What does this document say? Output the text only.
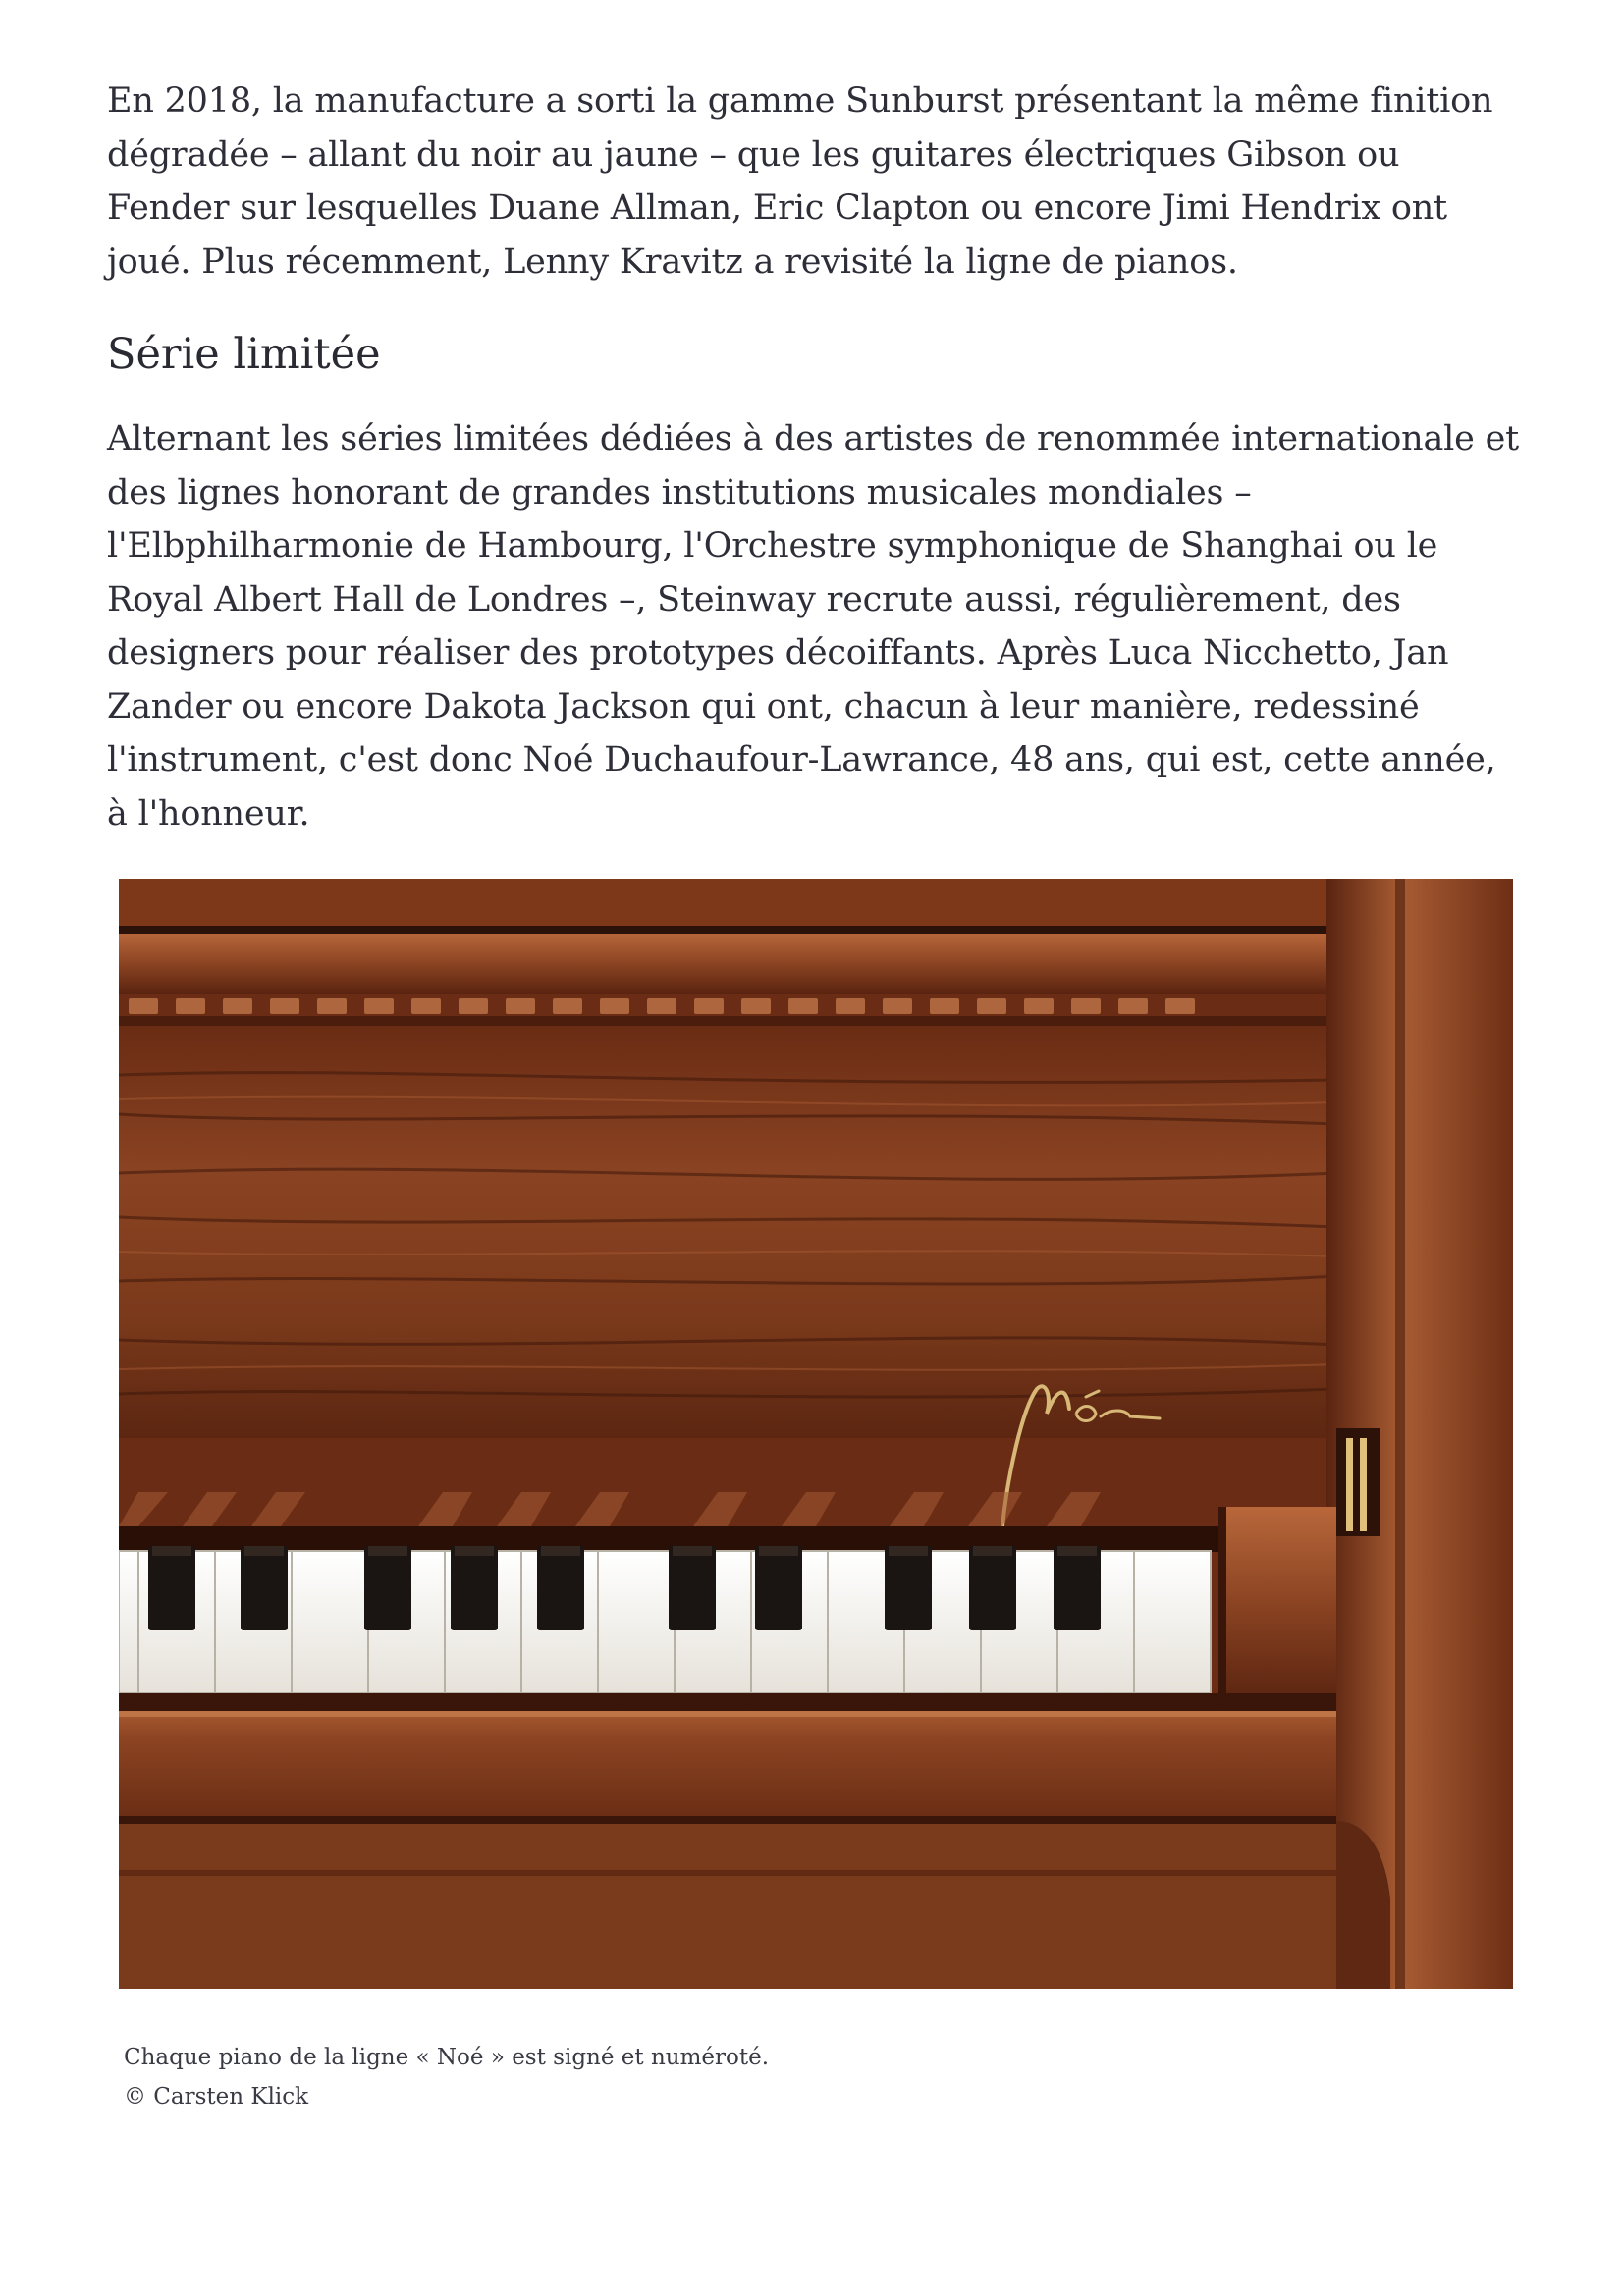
En 2018, la manufacture a sorti la gamme Sunburst présentant la même finition dégradée – allant du noir au jaune – que les guitares électriques Gibson ou Fender sur lesquelles Duane Allman, Eric Clapton ou encore Jimi Hendrix ont joué. Plus récemment, Lenny Kravitz a revisité la ligne de pianos.

Série limitée

Alternant les séries limitées dédiées à des artistes de renommée internationale et des lignes honorant de grandes institutions musicales mondiales – l'Elbphilharmonie de Hambourg, l'Orchestre symphonique de Shanghai ou le Royal Albert Hall de Londres –, Steinway recrute aussi, régulièrement, des designers pour réaliser des prototypes décoiffants. Après Luca Nicchetto, Jan Zander ou encore Dakota Jackson qui ont, chacun à leur manière, redessiné l'instrument, c'est donc Noé Duchaufour-Lawrance, 48 ans, qui est, cette année, à l'honneur.

Chaque piano de la ligne « Noé » est signé et numéroté.
© Carsten Klick
